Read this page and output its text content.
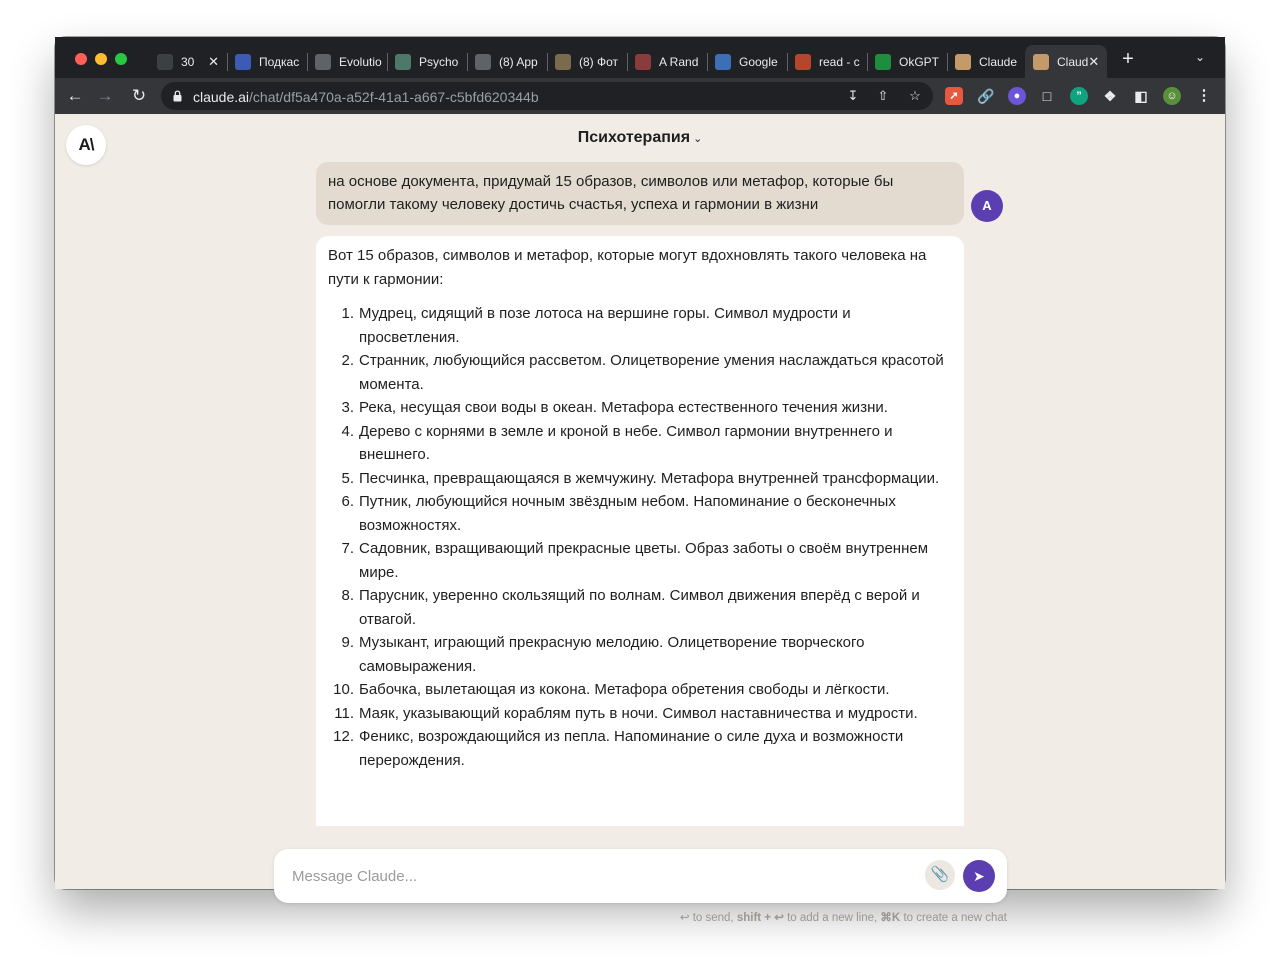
30 ✕	Подкас	Evolutio	Psycho	(8) App	(8) Фот	A Rand	Google	read - c	OkGPT	Claude	Claud ✕ +	⌄
← → ↻	claude.ai/chat/df5a470a-a52f-41a1-a667-c5bfd620344b	↧ ⇧ ☆	➚	🔗	●	□	”	❖ ◧	☺ ⋮
A\	Психотерапия ⌄
на основе документа, придумай 15 образов, символов или метафор, которые бы помогли такому человеку достичь счастья, успеха и гармонии в жизни	A

Вот 15 образов, символов и метафор, которые могут вдохновлять такого человека на пути к гармонии:

1. Мудрец, сидящий в позе лотоса на вершине горы. Символ мудрости и просветления.
2. Странник, любующийся рассветом. Олицетворение умения наслаждаться красотой момента.
3. Река, несущая свои воды в океан. Метафора естественного течения жизни.
4. Дерево с корнями в земле и кроной в небе. Символ гармонии внутреннего и внешнего.
5. Песчинка, превращающаяся в жемчужину. Метафора внутренней трансформации.
6. Путник, любующийся ночным звёздным небом. Напоминание о бесконечных возможностях.
7. Садовник, взращивающий прекрасные цветы. Образ заботы о своём внутреннем мире.
8. Парусник, уверенно скользящий по волнам. Символ движения вперёд с верой и отвагой.
9. Музыкант, играющий прекрасную мелодию. Олицетворение творческого самовыражения.
10. Бабочка, вылетающая из кокона. Метафора обретения свободы и лёгкости.
11. Маяк, указывающий кораблям путь в ночи. Символ наставничества и мудрости.
12. Феникс, возрождающийся из пепла. Напоминание о силе духа и возможности перерождения.
Message Claude...
📎	➤
↩ to send, shift + ↩ to add a new line, ⌘K to create a new chat
